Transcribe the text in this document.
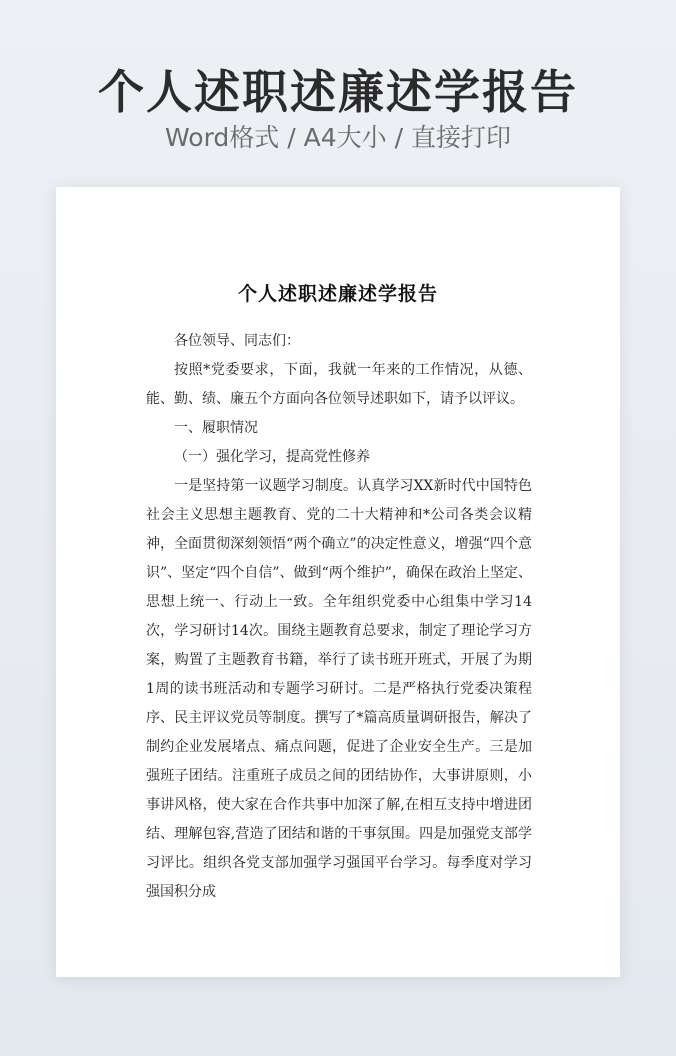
个人述职述廉述学报告
Word格式 / A4大小 / 直接打印
个人述职述廉述学报告

各位领导、同志们：

按照*党委要求，下面，我就一年来的工作情况，从德、能、勤、绩、廉五个方面向各位领导述职如下，请予以评议。

一、履职情况

（一）强化学习，提高党性修养

一是坚持第一议题学习制度。认真学习XX新时代中国特色社会主义思想主题教育、党的二十大精神和*公司各类会议精神，全面贯彻深刻领悟“两个确立”的决定性意义，增强“四个意识”、坚定“四个自信”、做到“两个维护”，确保在政治上坚定、思想上统一、行动上一致。全年组织党委中心组集中学习14次，学习研讨14次。围绕主题教育总要求，制定了理论学习方案，购置了主题教育书籍，举行了读书班开班式，开展了为期1周的读书班活动和专题学习研讨。二是严格执行党委决策程序、民主评议党员等制度。撰写了*篇高质量调研报告，解决了制约企业发展堵点、痛点问题，促进了企业安全生产。三是加强班子团结。注重班子成员之间的团结协作，大事讲原则，小事讲风格，使大家在合作共事中加深了解,在相互支持中增进团结、理解包容,营造了团结和谐的干事氛围。四是加强党支部学习评比。组织各党支部加强学习强国平台学习。每季度对学习强国积分成
